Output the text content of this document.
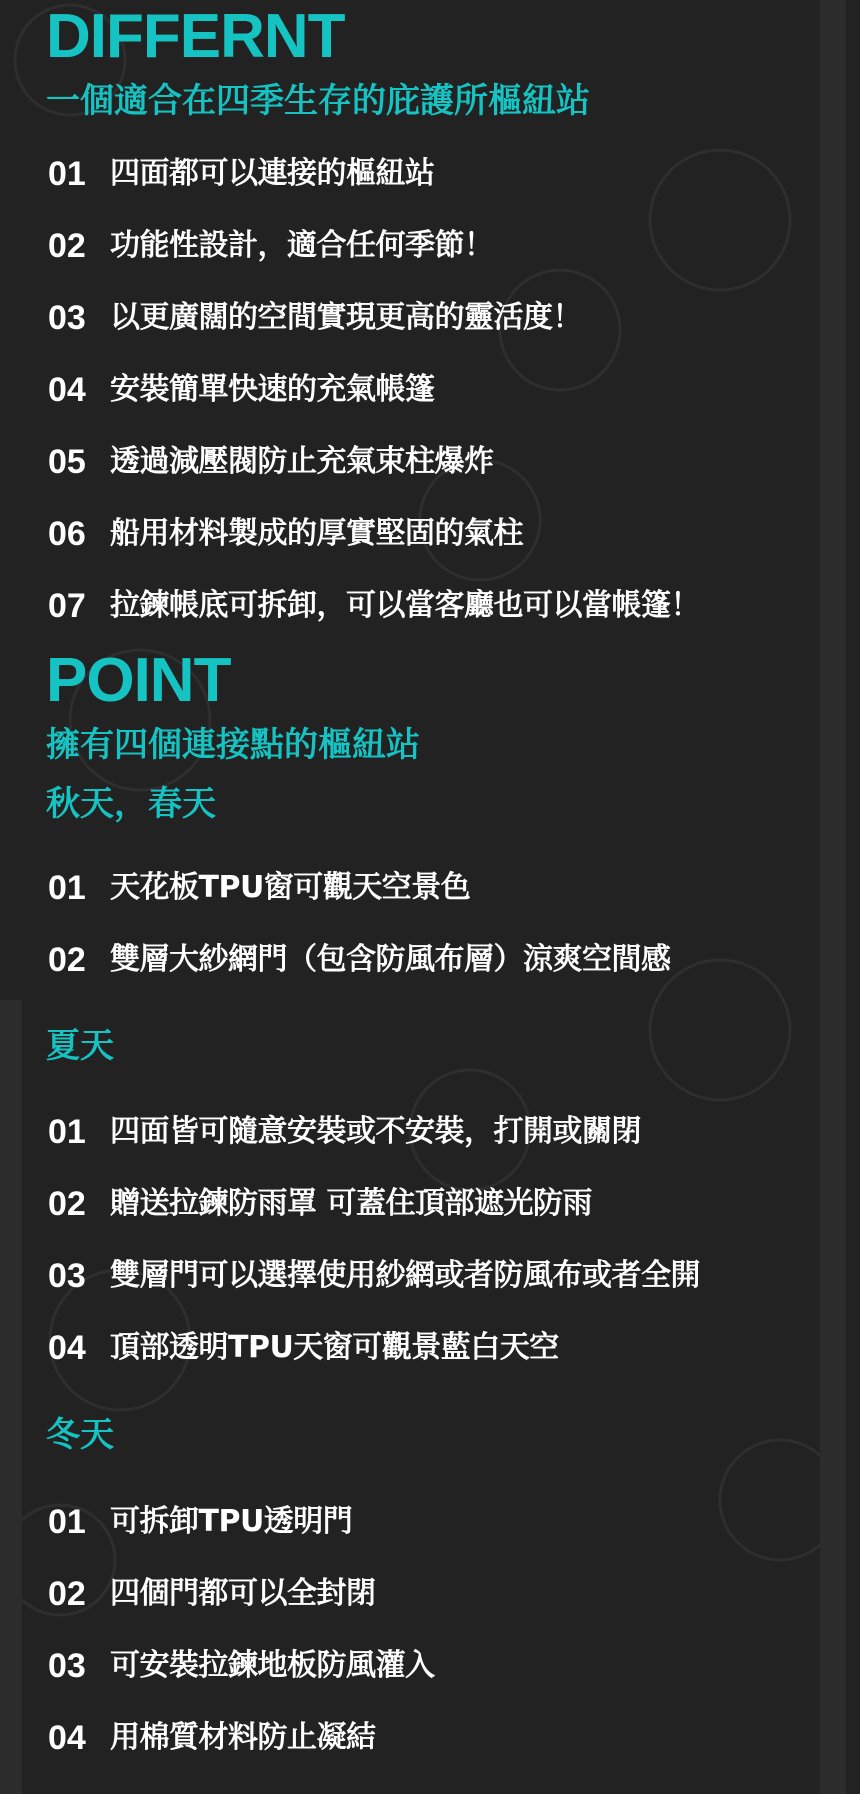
DIFFERNT
一個適合在四季生存的庇護所樞紐站
01 四面都可以連接的樞紐站
02 功能性設計，適合任何季節！
03 以更廣闊的空間實現更高的靈活度！
04 安裝簡單快速的充氣帳篷
05 透過減壓閥防止充氣束柱爆炸
06 船用材料製成的厚實堅固的氣柱
07 拉鍊帳底可拆卸，可以當客廳也可以當帳篷！
POINT
擁有四個連接點的樞紐站
秋天，春天
01 天花板TPU窗可觀天空景色
02 雙層大紗網門（包含防風布層）涼爽空間感
夏天
01 四面皆可隨意安裝或不安裝，打開或關閉
02 贈送拉鍊防雨罩 可蓋住頂部遮光防雨
03 雙層門可以選擇使用紗網或者防風布或者全開
04 頂部透明TPU天窗可觀景藍白天空
冬天
01 可拆卸TPU透明門
02 四個門都可以全封閉
03 可安裝拉鍊地板防風灌入
04 用棉質材料防止凝結
